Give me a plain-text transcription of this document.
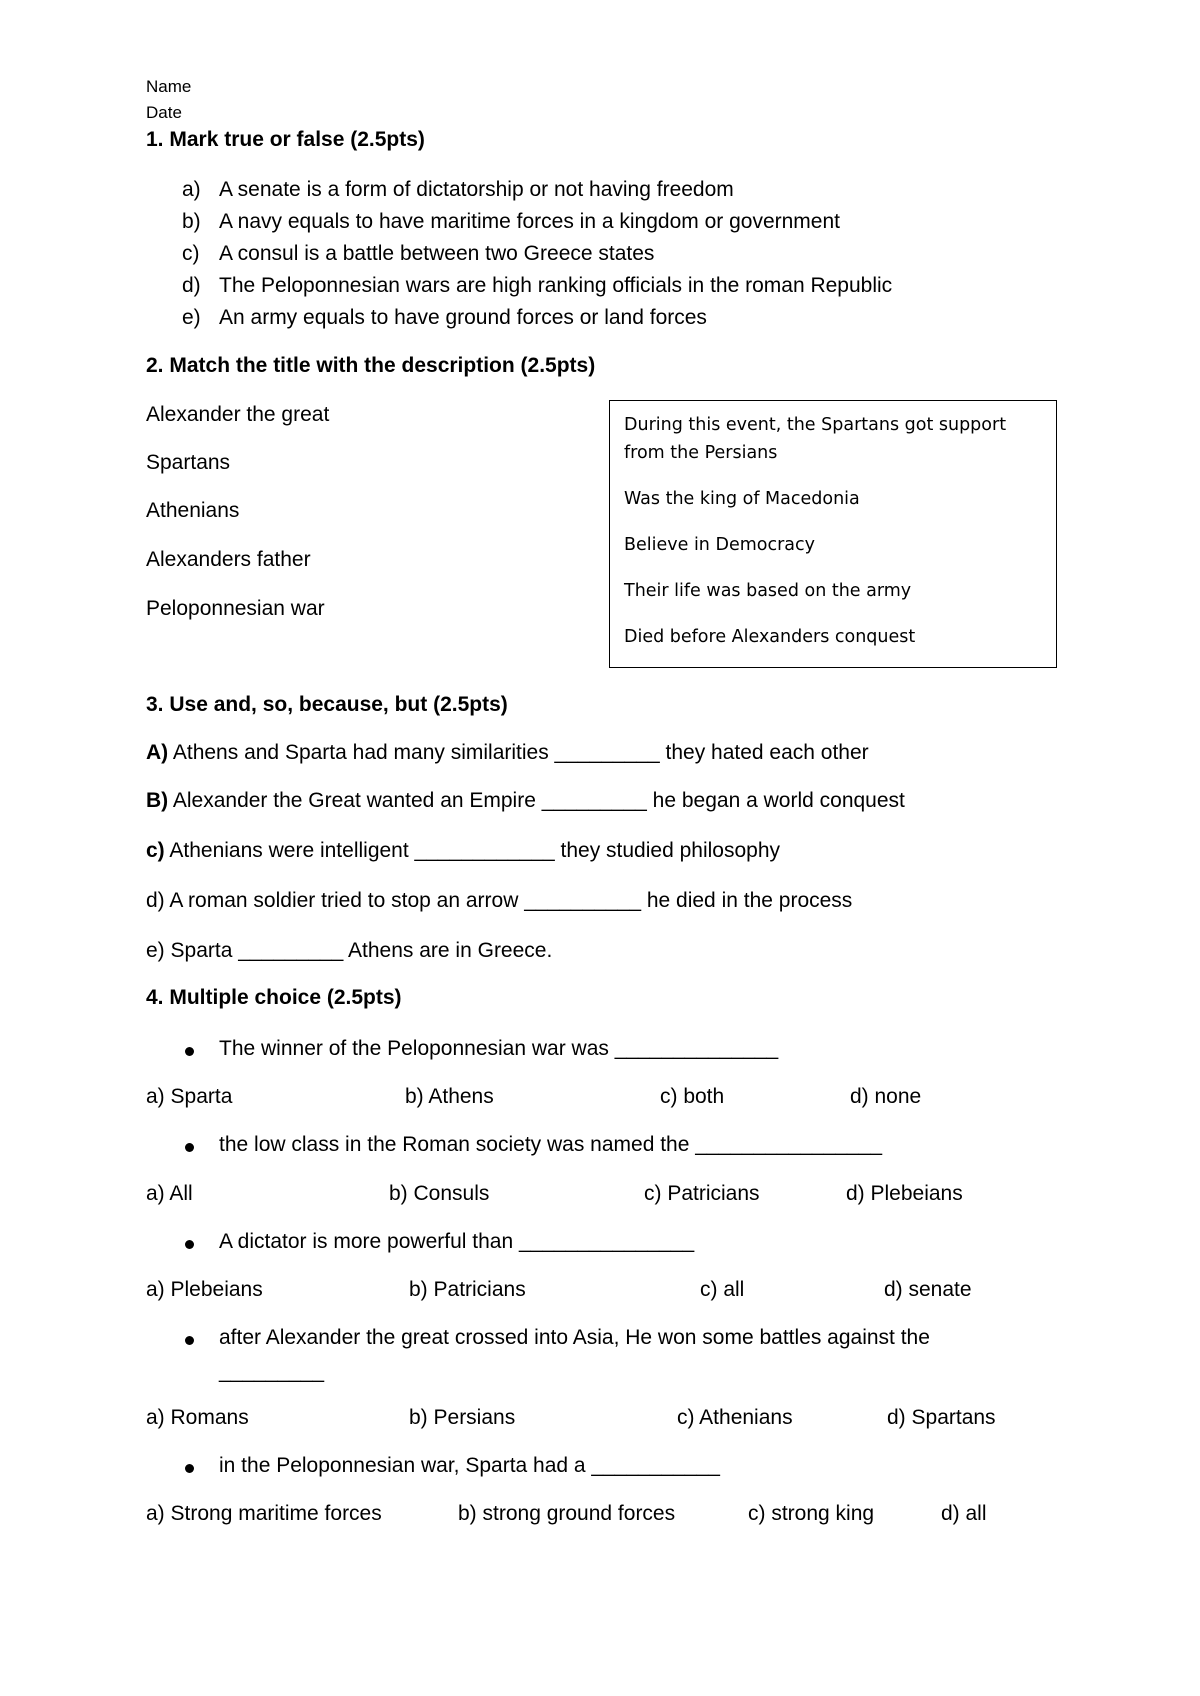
Name
Date
1. Mark true or false (2.5pts)
a) A senate is a form of dictatorship or not having freedom
b) A navy equals to have maritime forces in a kingdom or government
c) A consul is a battle between two Greece states
d) The Peloponnesian wars are high ranking officials in the roman Republic
e) An army equals to have ground forces or land forces
2. Match the title with the description (2.5pts)
Alexander the great
Spartans
Athenians
Alexanders father
Peloponnesian war
During this event, the Spartans got support from the Persians
Was the king of Macedonia
Believe in Democracy
Their life was based on the army
Died before Alexanders conquest
3. Use and, so, because, but (2.5pts)
A) Athens and Sparta had many similarities _________ they hated each other
B) Alexander the Great wanted an Empire _________ he began a world conquest
c) Athenians were intelligent ____________ they studied philosophy
d) A roman soldier tried to stop an arrow __________ he died in the process
e) Sparta _________ Athens are in Greece.
4. Multiple choice (2.5pts)
The winner of the Peloponnesian war was ______________
a) Sparta	b) Athens	c) both	d) none
the low class in the Roman society was named the ________________
a) All	b) Consuls	c) Patricians	d) Plebeians
A dictator is more powerful than _______________
a) Plebeians	b) Patricians	c) all	d) senate
after Alexander the great crossed into Asia, He won some battles against the
_________
a) Romans	b) Persians	c) Athenians	d) Spartans
in the Peloponnesian war, Sparta had a ___________
a) Strong maritime forces	b) strong ground forces	c) strong king	d) all
